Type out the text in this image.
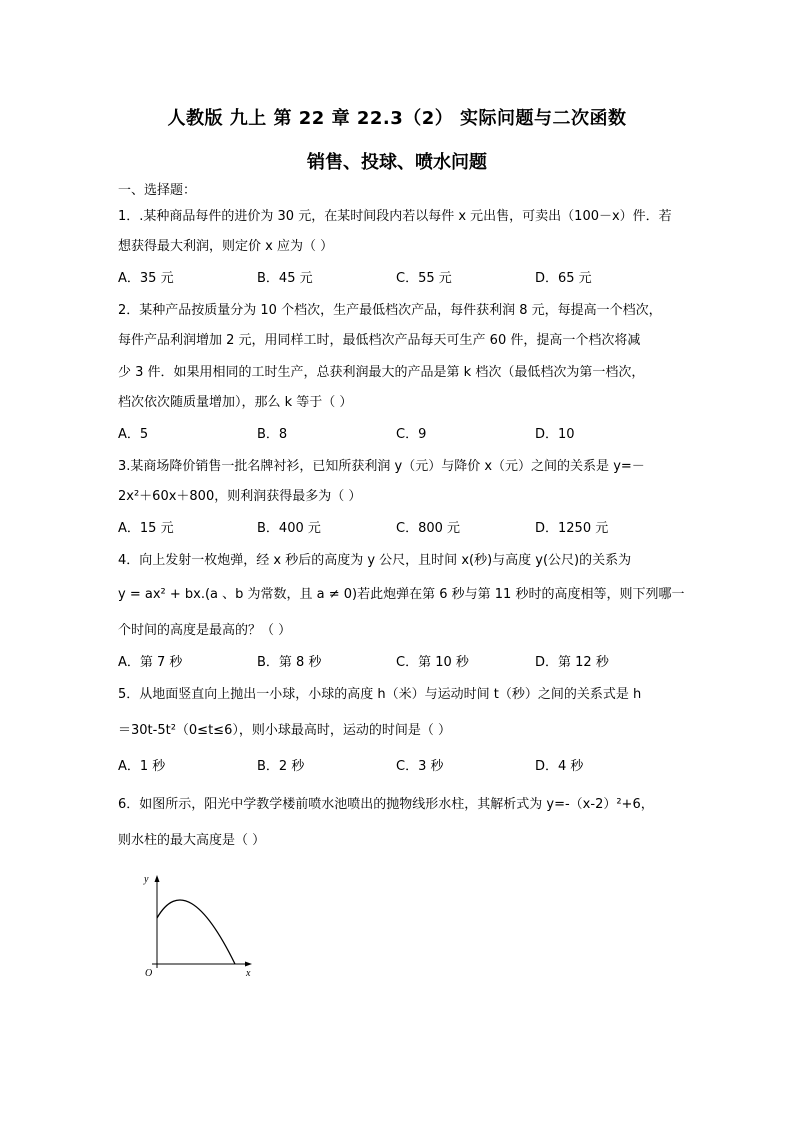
人教版 九上 第 22 章 22.3（2） 实际问题与二次函数
销售、投球、喷水问题
一、选择题：
1．.某种商品每件的进价为 30 元，在某时间段内若以每件 x 元出售，可卖出（100－x）件．若
想获得最大利润，则定价 x 应为（ ）
A．35 元	B．45 元	C．55 元	D．65 元
2．某种产品按质量分为 10 个档次，生产最低档次产品，每件获利润 8 元，每提高一个档次，
每件产品利润增加 2 元，用同样工时，最低档次产品每天可生产 60 件，提高一个档次将减
少 3 件．如果用相同的工时生产，总获利润最大的产品是第 k 档次（最低档次为第一档次，
档次依次随质量增加），那么 k 等于（ ）
A．5	B．8	C．9	D．10
3.某商场降价销售一批名牌衬衫，已知所获利润 y（元）与降价 x（元）之间的关系是 y=－
2x²＋60x＋800，则利润获得最多为（ ）
A．15 元	B．400 元	C．800 元	D．1250 元
4．向上发射一枚炮弹，经 x 秒后的高度为 y 公尺，且时间 x(秒)与高度 y(公尺)的关系为
y = ax² + bx.(a 、b 为常数，且 a ≠ 0)若此炮弹在第 6 秒与第 11 秒时的高度相等，则下列哪一
个时间的高度是最高的？（ ）
A．第 7 秒	B．第 8 秒	C．第 10 秒	D．第 12 秒
5．从地面竖直向上抛出一小球，小球的高度 h（米）与运动时间 t（秒）之间的关系式是 h
＝30t-5t²（0≤t≤6），则小球最高时，运动的时间是（ ）
A．1 秒	B．2 秒	C．3 秒	D．4 秒
6．如图所示，阳光中学教学楼前喷水池喷出的抛物线形水柱，其解析式为 y=-（x-2）²+6，
则水柱的最大高度是（ ）
y
x
O
